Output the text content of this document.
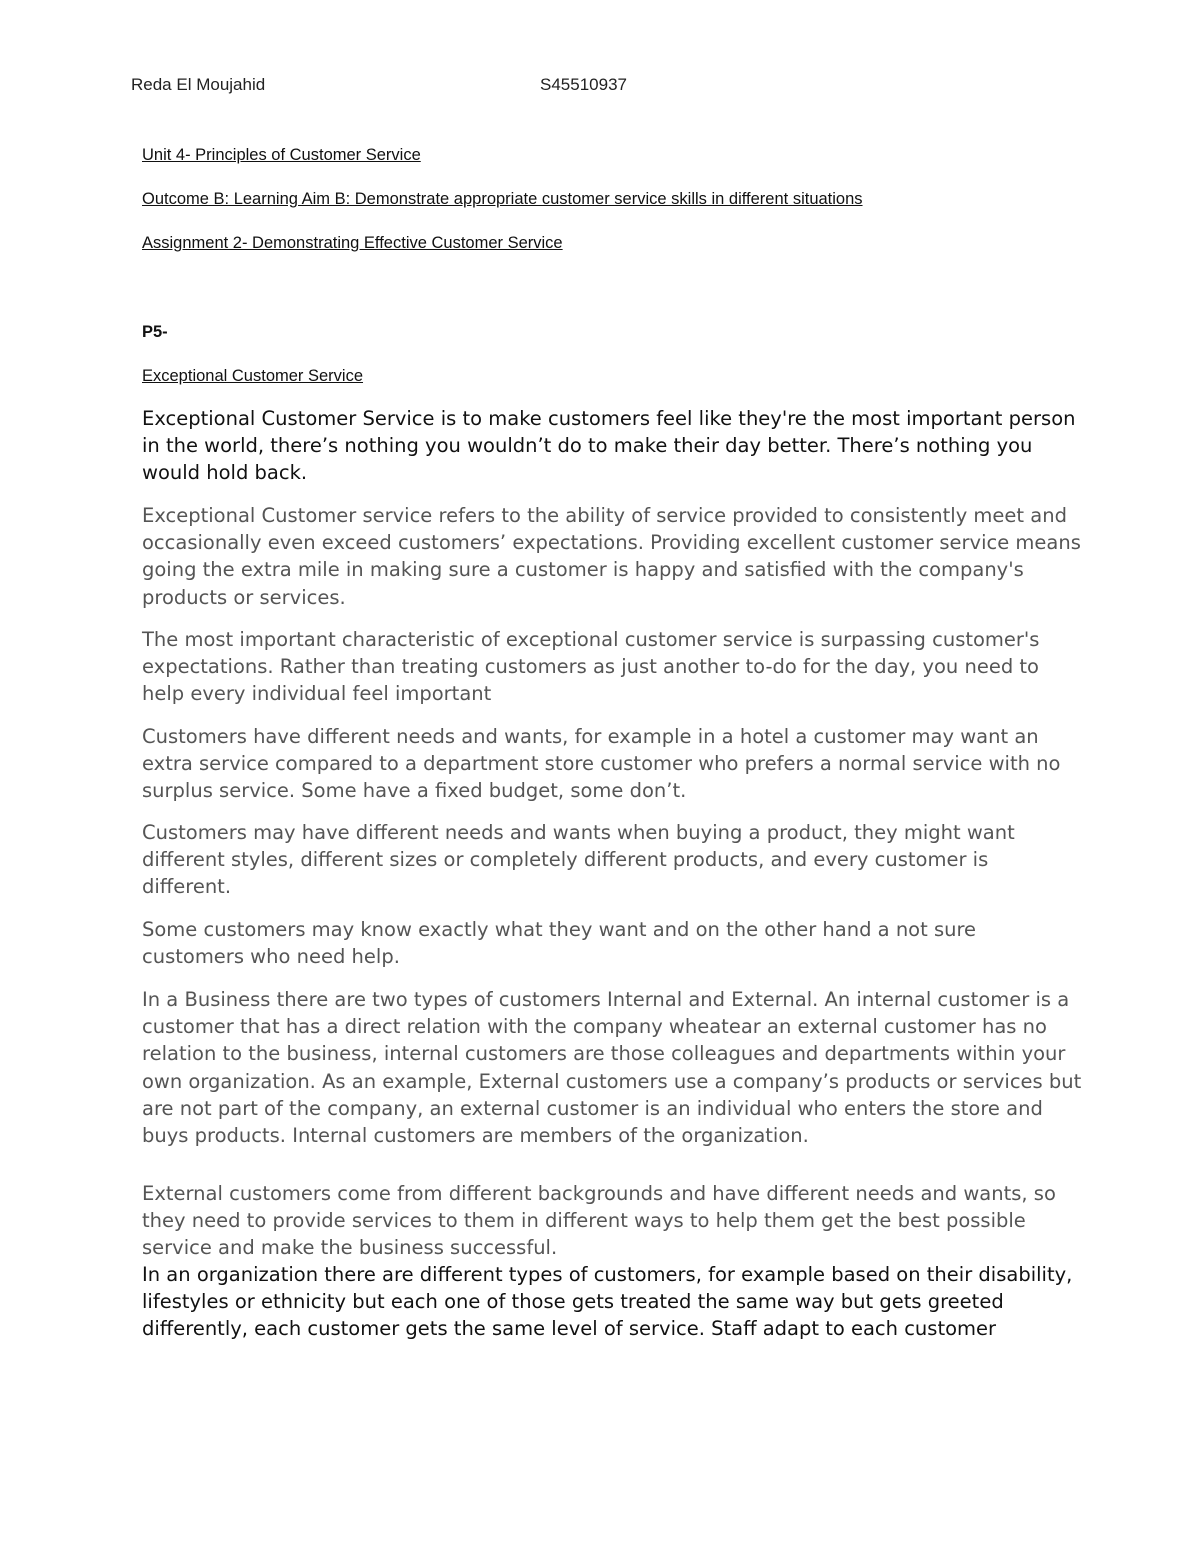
Reda El Moujahid	S45510937
Unit 4- Principles of Customer Service
Outcome B: Learning Aim B: Demonstrate appropriate customer service skills in different situations
Assignment 2- Demonstrating Effective Customer Service
P5-
Exceptional Customer Service

Exceptional Customer Service is to make customers feel like they're the most important person in the world, there’s nothing you wouldn’t do to make their day better. There’s nothing you would hold back.

Exceptional Customer service refers to the ability of service provided to consistently meet and occasionally even exceed customers’ expectations. Providing excellent customer service means going the extra mile in making sure a customer is happy and satisfied with the company's products or services.

The most important characteristic of exceptional customer service is surpassing customer's expectations. Rather than treating customers as just another to-do for the day, you need to help every individual feel important

Customers have different needs and wants, for example in a hotel a customer may want an extra service compared to a department store customer who prefers a normal service with no surplus service. Some have a fixed budget, some don’t.

Customers may have different needs and wants when buying a product, they might want different styles, different sizes or completely different products, and every customer is different.

Some customers may know exactly what they want and on the other hand a not sure customers who need help.

In a Business there are two types of customers Internal and External. An internal customer is a customer that has a direct relation with the company wheatear an external customer has no relation to the business, internal customers are those colleagues and departments within your own organization. As an example, External customers use a company’s products or services but are not part of the company, an external customer is an individual who enters the store and buys products. Internal customers are members of the organization.

External customers come from different backgrounds and have different needs and wants, so they need to provide services to them in different ways to help them get the best possible service and make the business successful.

In an organization there are different types of customers, for example based on their disability, lifestyles or ethnicity but each one of those gets treated the same way but gets greeted differently, each customer gets the same level of service. Staff adapt to each customer
